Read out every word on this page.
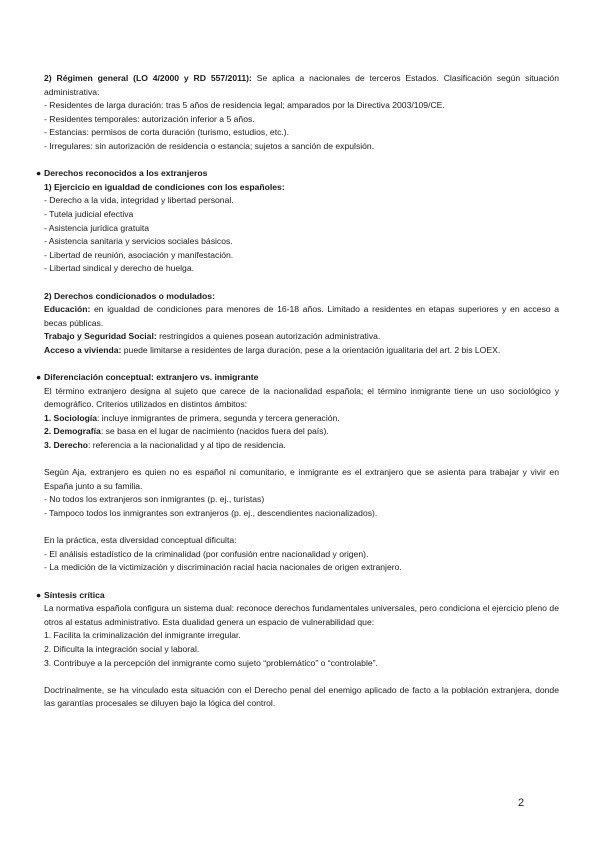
2) Régimen general (LO 4/2000 y RD 557/2011): Se aplica a nacionales de terceros Estados. Clasificación según situación administrativa:

- Residentes de larga duración: tras 5 años de residencia legal; amparados por la Directiva 2003/109/CE.

- Residentes temporales: autorización inferior a 5 años.

- Estancias: permisos de corta duración (turismo, estudios, etc.).

- Irregulares: sin autorización de residencia o estancia; sujetos a sanción de expulsión.

● Derechos reconocidos a los extranjeros

1) Ejercicio en igualdad de condiciones con los españoles:

- Derecho a la vida, integridad y libertad personal.

- Tutela judicial efectiva

- Asistencia jurídica gratuita

- Asistencia sanitaria y servicios sociales básicos.

- Libertad de reunión, asociación y manifestación.

- Libertad sindical y derecho de huelga.

2) Derechos condicionados o modulados:

Educación: en igualdad de condiciones para menores de 16-18 años. Limitado a residentes en etapas superiores y en acceso a becas públicas.

Trabajo y Seguridad Social: restringidos a quienes posean autorización administrativa.

Acceso a vivienda: puede limitarse a residentes de larga duración, pese a la orientación igualitaria del art. 2 bis LOEX.

● Diferenciación conceptual: extranjero vs. inmigrante

El término extranjero designa al sujeto que carece de la nacionalidad española; el término inmigrante tiene un uso sociológico y demográfico. Criterios utilizados en distintos ámbitos:

1. Sociología: incluye inmigrantes de primera, segunda y tercera generación.

2. Demografía: se basa en el lugar de nacimiento (nacidos fuera del país).

3. Derecho: referencia a la nacionalidad y al tipo de residencia.

Según Aja, extranjero es quien no es español ni comunitario, e inmigrante es el extranjero que se asienta para trabajar y vivir en España junto a su familia.

- No todos los extranjeros son inmigrantes (p. ej., turistas)

- Tampoco todos los inmigrantes son extranjeros (p. ej., descendientes nacionalizados).

En la práctica, esta diversidad conceptual dificulta:

- El análisis estadístico de la criminalidad (por confusión entre nacionalidad y origen).

- La medición de la victimización y discriminación racial hacia nacionales de origen extranjero.

● Síntesis crítica

La normativa española configura un sistema dual: reconoce derechos fundamentales universales, pero condiciona el ejercicio pleno de otros al estatus administrativo. Esta dualidad genera un espacio de vulnerabilidad que:

1. Facilita la criminalización del inmigrante irregular.

2. Dificulta la integración social y laboral.

3. Contribuye a la percepción del inmigrante como sujeto “problemático” o “controlable”.

Doctrinalmente, se ha vinculado esta situación con el Derecho penal del enemigo aplicado de facto a la población extranjera, donde las garantías procesales se diluyen bajo la lógica del control.

2
